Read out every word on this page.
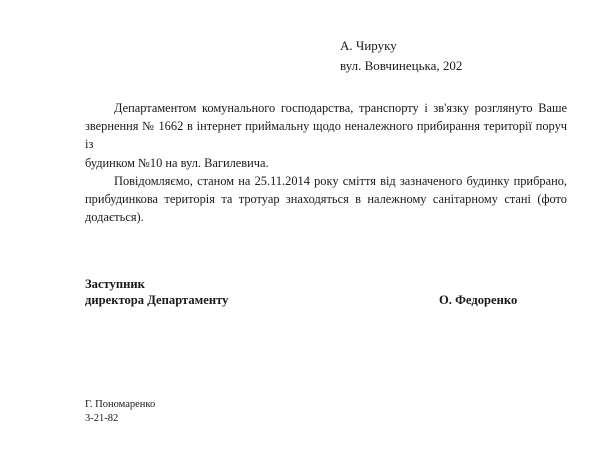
А. Чируку
вул. Вовчинецька, 202
Департаментом комунального господарства, транспорту і зв'язку розглянуто Ваше
звернення № 1662 в інтернет приймальну щодо неналежного прибирання території поруч із
будинком №10 на вул. Вагилевича.
Повідомляємо, станом на 25.11.2014 року сміття від зазначеного будинку прибрано,
прибудинкова територія та тротуар знаходяться в належному санітарному стані (фото
додається).
Заступник
директора Департаменту	О. Федоренко
Г. Пономаренко
3-21-82
